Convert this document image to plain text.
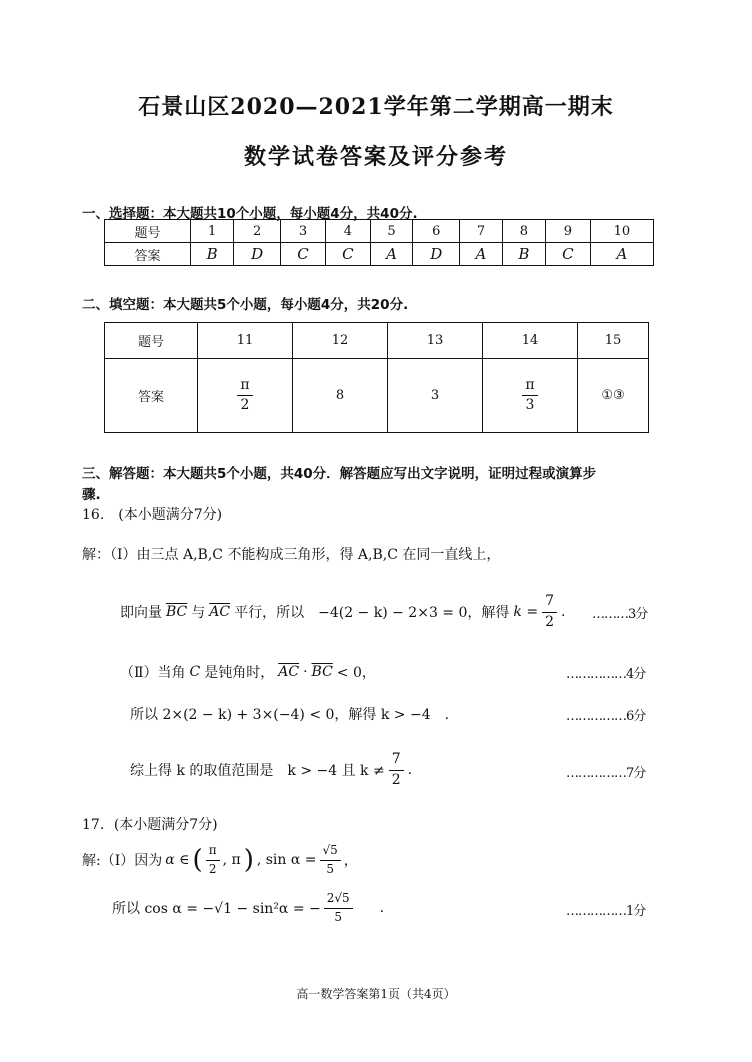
石景山区2020—2021学年第二学期高一期末
数学试卷答案及评分参考
一、选择题：本大题共10个小题，每小题4分，共40分.
题号	1	2	3	4	5	6	7	8	9	10
答案	B	D	C	C	A	D	A	B	C	A
二、填空题：本大题共5个小题，每小题4分，共20分.
题号	11	12	13	14	15
答案	$\frac{\pi}{2}$	8	3	$\frac{\pi}{3}$	①③
三、解答题：本大题共5个小题，共40分．解答题应写出文字说明，证明过程或演算步
骤.
16.　(本小题满分7分)
解：（Ⅰ）由三点 A,B,C 不能构成三角形，得 A,B,C 在同一直线上，
即向量 $\overline{BC}$ 与 $\overline{AC}$ 平行，所以　−4(2 − k) − 2×3 = 0，解得 $k = \frac{7}{2}$ . ………3分
（Ⅱ）当角 C 是钝角时， $\overline{AC} \cdot \overline{BC} < 0$，	……………4分
所以 2×(2 − k) + 3×(−4) < 0，解得 k > −4　.	……………6分
综上得 k 的取值范围是　k > −4 且 $k \ne \frac{7}{2}$ .	……………7分
17．(本小题满分7分)
解:（Ⅰ）因为 α ∈ ( $\frac{\pi}{2}$ , π ) , $\sin \alpha = \frac{√5}{5}$ ，
所以 cos α = −√1 − sin²α = − $\frac{2√5}{5}$ .	……………1分
高一数学答案第1页（共4页）
